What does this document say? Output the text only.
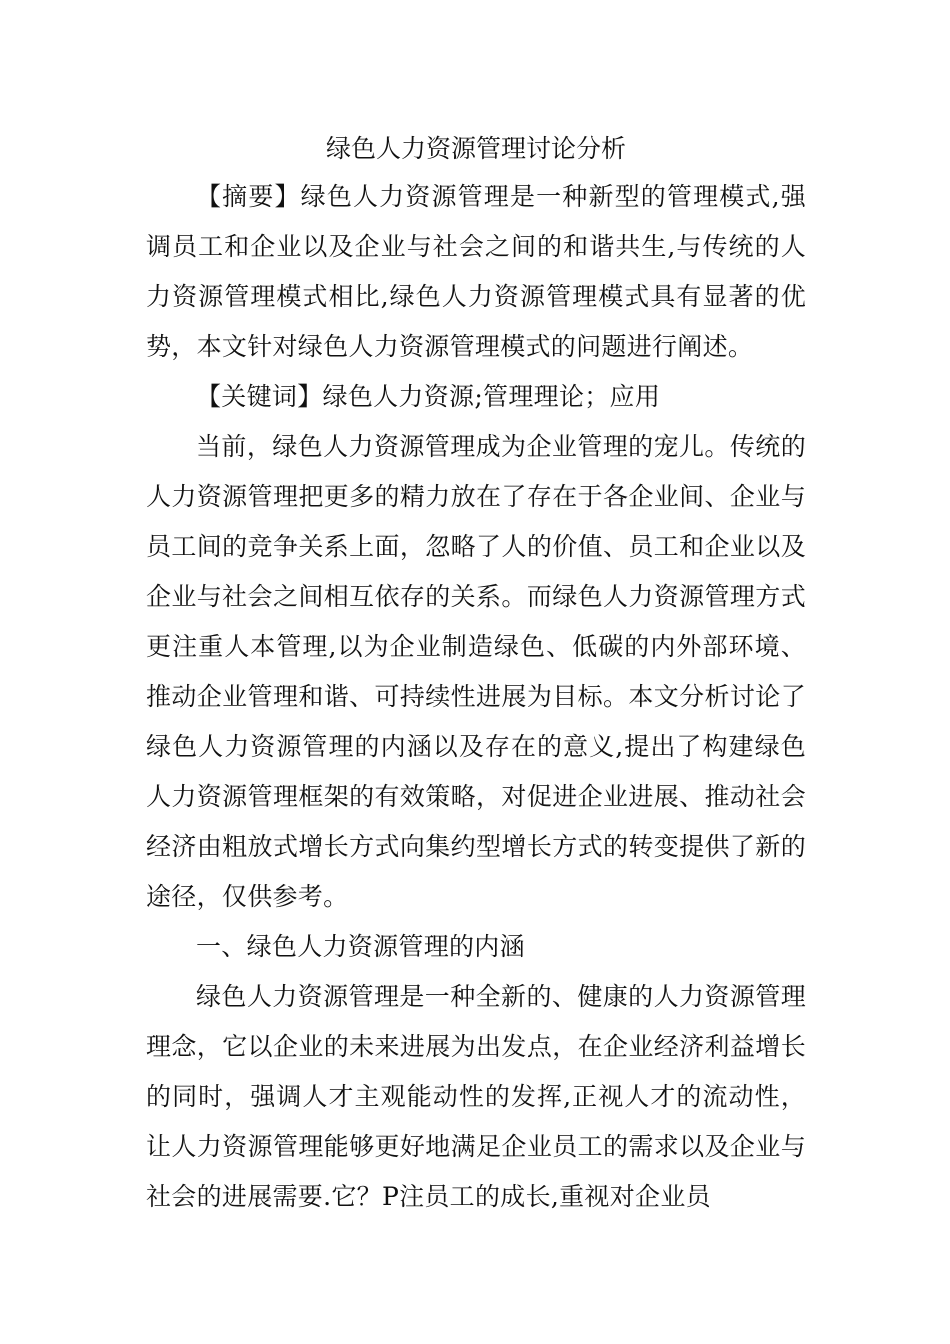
绿色人力资源管理讨论分析

【摘要】绿色人力资源管理是一种新型的管理模式,强调员工和企业以及企业与社会之间的和谐共生,与传统的人力资源管理模式相比,绿色人力资源管理模式具有显著的优势，本文针对绿色人力资源管理模式的问题进行阐述。

【关键词】绿色人力资源;管理理论；应用

当前，绿色人力资源管理成为企业管理的宠儿。传统的人力资源管理把更多的精力放在了存在于各企业间、企业与员工间的竞争关系上面，忽略了人的价值、员工和企业以及企业与社会之间相互依存的关系。而绿色人力资源管理方式更注重人本管理,以为企业制造绿色、低碳的内外部环境、推动企业管理和谐、可持续性进展为目标。本文分析讨论了绿色人力资源管理的内涵以及存在的意义,提出了构建绿色人力资源管理框架的有效策略，对促进企业进展、推动社会经济由粗放式增长方式向集约型增长方式的转变提供了新的途径，仅供参考。

一、绿色人力资源管理的内涵

绿色人力资源管理是一种全新的、健康的人力资源管理理念，它以企业的未来进展为出发点，在企业经济利益增长的同时，强调人才主观能动性的发挥,正视人才的流动性，让人力资源管理能够更好地满足企业员工的需求以及企业与社会的进展需要.它？P注员工的成长,重视对企业员
